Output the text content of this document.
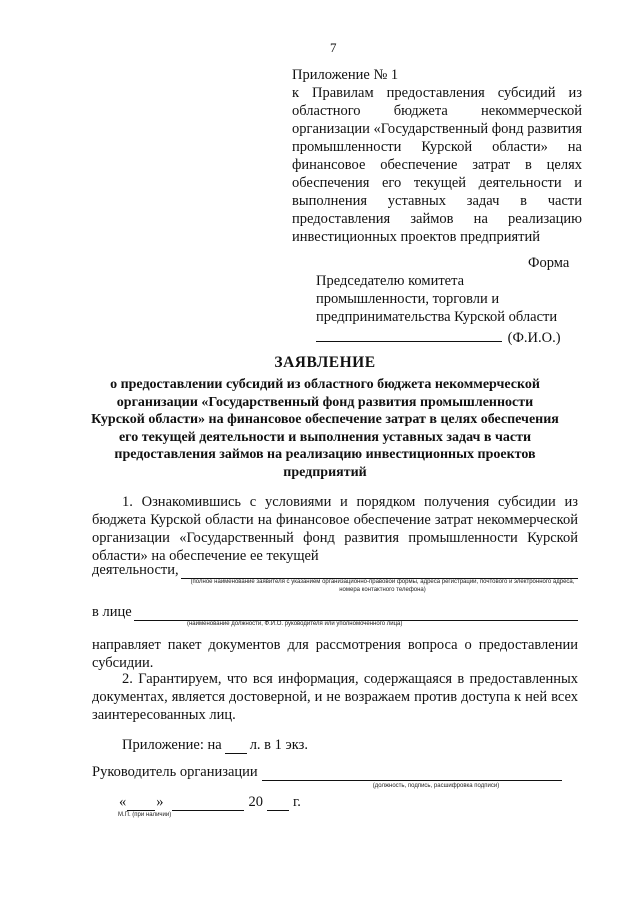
7
Приложение № 1
к Правилам предоставления субсидий из областного бюджета некоммерческой организации «Государственный фонд развития промышленности Курской области» на финансовое обеспечение затрат в целях обеспечения его текущей деятельности и выполнения уставных задач в части предоставления займов на реализацию инвестиционных проектов предприятий
Форма
Председателю комитета
промышленности, торговли и
предпринимательства Курской области
(Ф.И.О.)
ЗАЯВЛЕНИЕ
о предоставлении субсидий из областного бюджета некоммерческой организации «Государственный фонд развития промышленности Курской области» на финансовое обеспечение затрат в целях обеспечения его текущей деятельности и выполнения уставных задач в части предоставления займов на реализацию инвестиционных проектов предприятий
1. Ознакомившись с условиями и порядком получения субсидии из бюджета Курской области на финансовое обеспечение затрат некоммерческой организации «Государственный фонд развития промышленности Курской области» на обеспечение ее текущей
деятельности,
(полное наименование заявителя с указанием организационно-правовой формы, адреса регистрации, почтового и электронного адреса, номера контактного телефона)
в лице
(наименование должности, Ф.И.О. руководителя или уполномоченного лица)
направляет пакет документов для рассмотрения вопроса о предоставлении субсидии.
2. Гарантируем, что вся информация, содержащаяся в предоставленных документах, является достоверной, и не возражаем против доступа к ней всех заинтересованных лиц.
Приложение: на л. в 1 экз.
Руководитель организации
(должность, подпись, расшифровка подписи)
« »	20 г.
М.П. (при наличии)
